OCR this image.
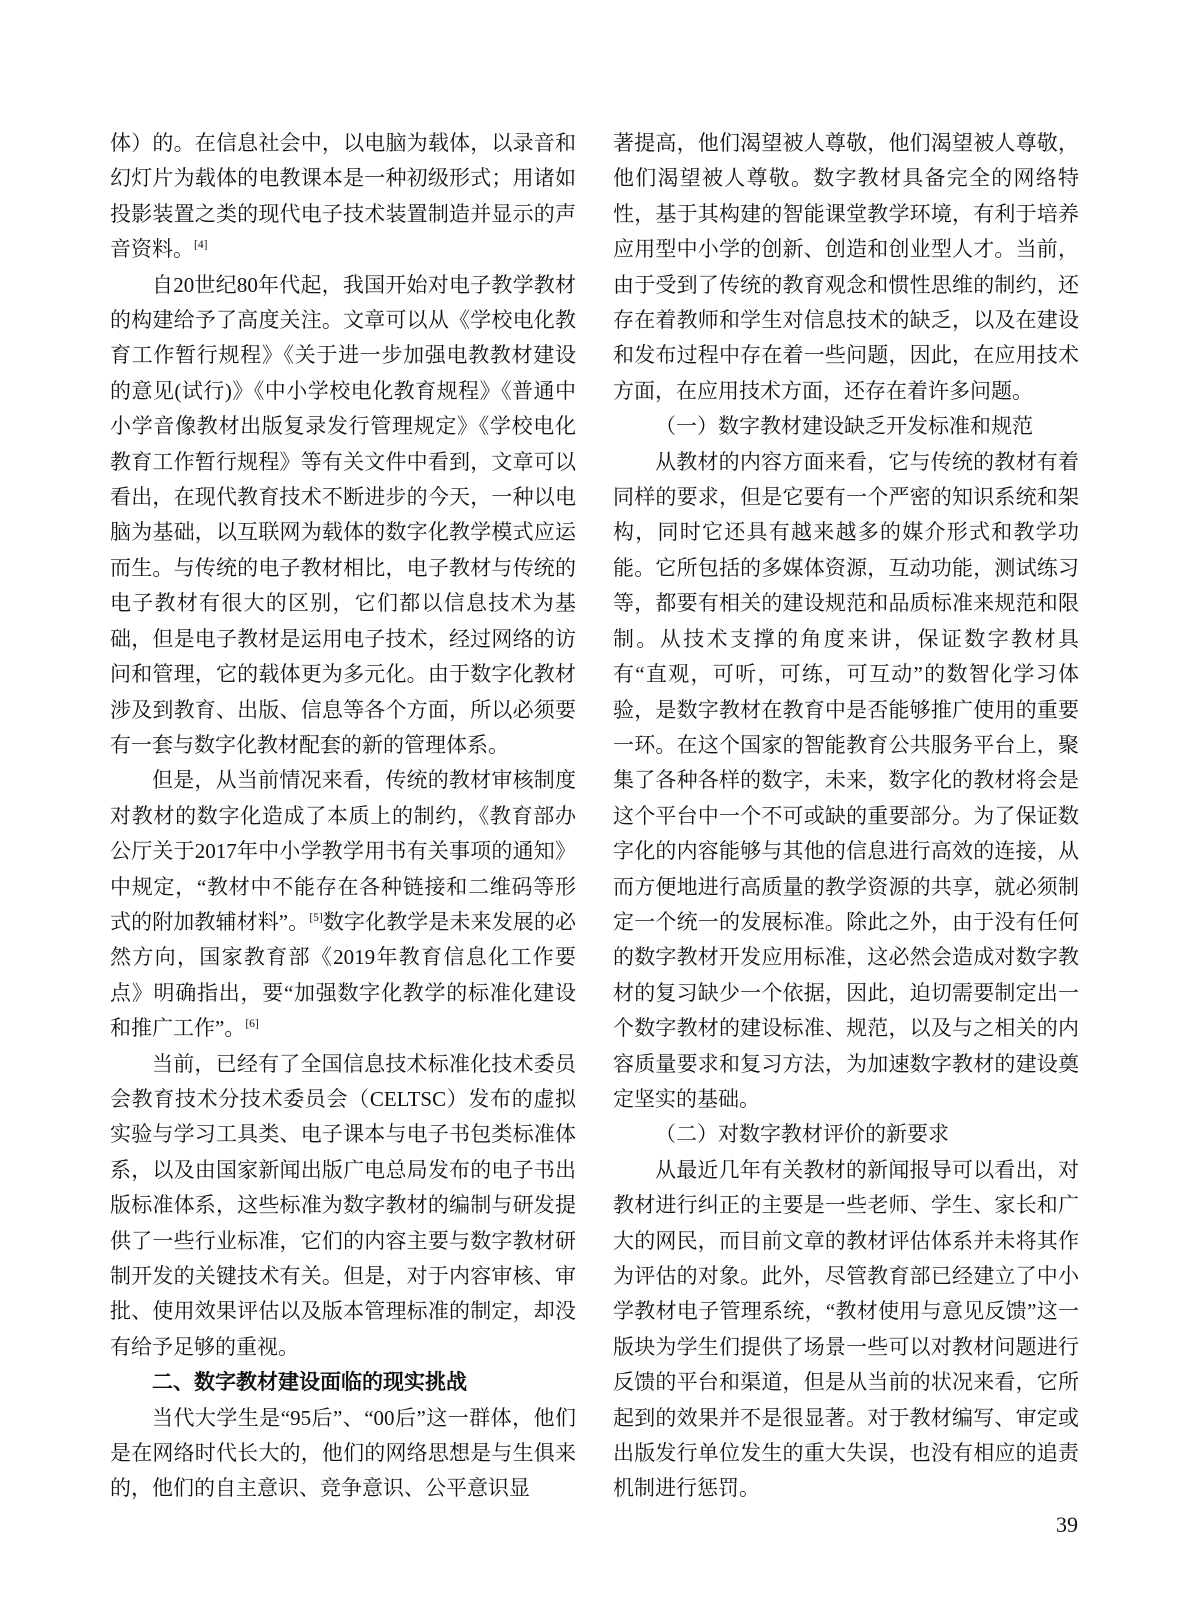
体）的。在信息社会中，以电脑为载体，以录音和幻灯片为载体的电教课本是一种初级形式；用诸如投影装置之类的现代电子技术装置制造并显示的声音资料。[4]

自20世纪80年代起，我国开始对电子教学教材的构建给予了高度关注。文章可以从《学校电化教育工作暂行规程》《关于进一步加强电教教材建设的意见(试行)》《中小学校电化教育规程》《普通中小学音像教材出版复录发行管理规定》《学校电化教育工作暂行规程》等有关文件中看到，文章可以看出，在现代教育技术不断进步的今天，一种以电脑为基础，以互联网为载体的数字化教学模式应运而生。与传统的电子教材相比，电子教材与传统的电子教材有很大的区别，它们都以信息技术为基础，但是电子教材是运用电子技术，经过网络的访问和管理，它的载体更为多元化。由于数字化教材涉及到教育、出版、信息等各个方面，所以必须要有一套与数字化教材配套的新的管理体系。

但是，从当前情况来看，传统的教材审核制度对教材的数字化造成了本质上的制约，《教育部办公厅关于2017年中小学教学用书有关事项的通知》中规定，“教材中不能存在各种链接和二维码等形式的附加教辅材料”。[5]数字化教学是未来发展的必然方向，国家教育部《2019年教育信息化工作要点》明确指出，要“加强数字化教学的标准化建设和推广工作”。[6]

当前，已经有了全国信息技术标准化技术委员会教育技术分技术委员会（CELTSC）发布的虚拟实验与学习工具类、电子课本与电子书包类标准体系，以及由国家新闻出版广电总局发布的电子书出版标准体系，这些标准为数字教材的编制与研发提供了一些行业标准，它们的内容主要与数字教材研制开发的关键技术有关。但是，对于内容审核、审批、使用效果评估以及版本管理标准的制定，却没有给予足够的重视。

二、数字教材建设面临的现实挑战

当代大学生是“95后”、“00后”这一群体，他们是在网络时代长大的，他们的网络思想是与生俱来的，他们的自主意识、竞争意识、公平意识显

著提高，他们渴望被人尊敬，他们渴望被人尊敬，他们渴望被人尊敬。数字教材具备完全的网络特性，基于其构建的智能课堂教学环境，有利于培养应用型中小学的创新、创造和创业型人才。当前，由于受到了传统的教育观念和惯性思维的制约，还存在着教师和学生对信息技术的缺乏，以及在建设和发布过程中存在着一些问题，因此，在应用技术方面，在应用技术方面，还存在着许多问题。

（一）数字教材建设缺乏开发标准和规范

从教材的内容方面来看，它与传统的教材有着同样的要求，但是它要有一个严密的知识系统和架构，同时它还具有越来越多的媒介形式和教学功能。它所包括的多媒体资源，互动功能，测试练习等，都要有相关的建设规范和品质标准来规范和限制。从技术支撑的角度来讲，保证数字教材具有“直观，可听，可练，可互动”的数智化学习体验，是数字教材在教育中是否能够推广使用的重要一环。在这个国家的智能教育公共服务平台上，聚集了各种各样的数字，未来，数字化的教材将会是这个平台中一个不可或缺的重要部分。为了保证数字化的内容能够与其他的信息进行高效的连接，从而方便地进行高质量的教学资源的共享，就必须制定一个统一的发展标准。除此之外，由于没有任何的数字教材开发应用标准，这必然会造成对数字教材的复习缺少一个依据，因此，迫切需要制定出一个数字教材的建设标准、规范，以及与之相关的内容质量要求和复习方法，为加速数字教材的建设奠定坚实的基础。

（二）对数字教材评价的新要求

从最近几年有关教材的新闻报导可以看出，对教材进行纠正的主要是一些老师、学生、家长和广大的网民，而目前文章的教材评估体系并未将其作为评估的对象。此外，尽管教育部已经建立了中小学教材电子管理系统，“教材使用与意见反馈”这一版块为学生们提供了场景一些可以对教材问题进行反馈的平台和渠道，但是从当前的状况来看，它所起到的效果并不是很显著。对于教材编写、审定或出版发行单位发生的重大失误，也没有相应的追责机制进行惩罚。

39
